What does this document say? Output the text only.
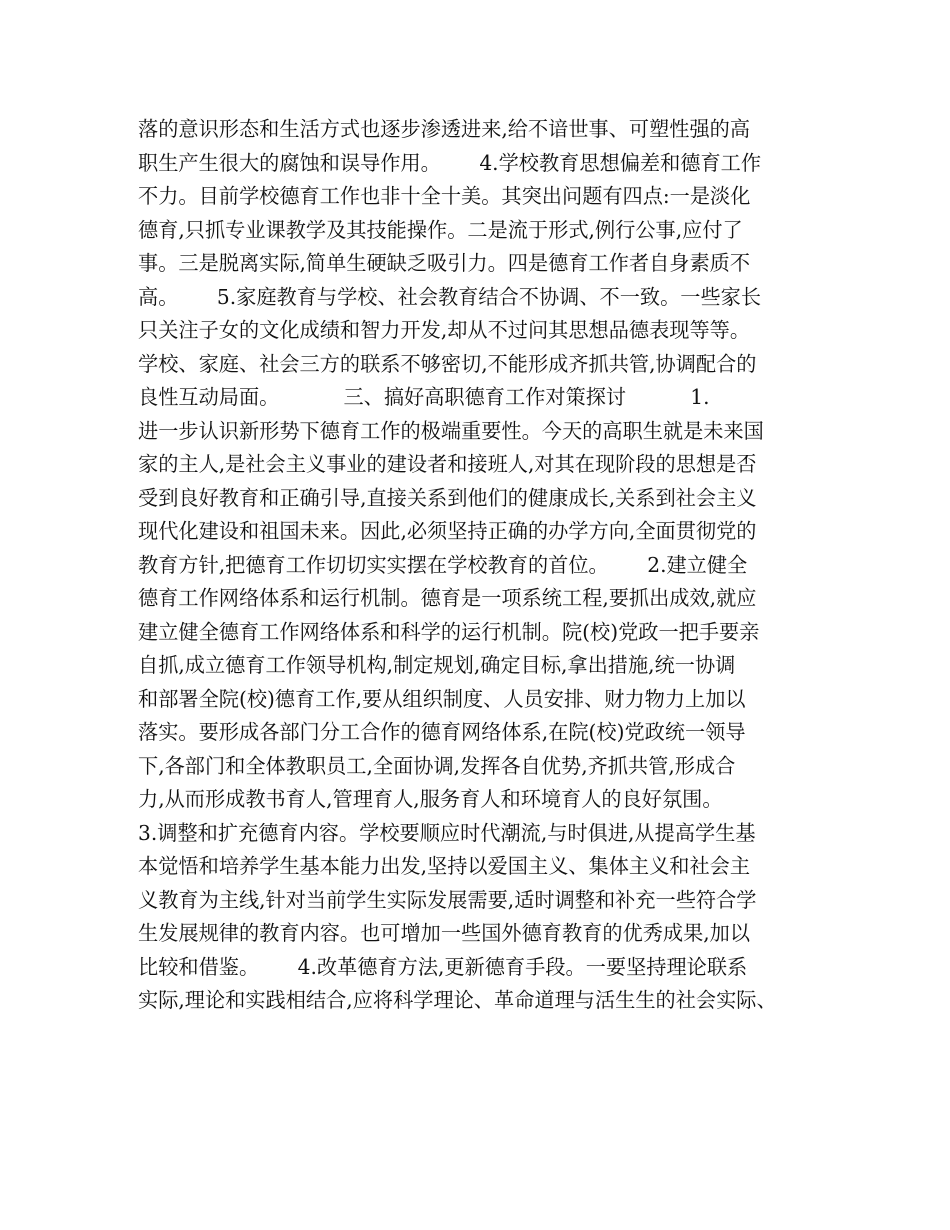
落的意识形态和生活方式也逐步渗透进来,给不谙世事、可塑性强的高
职生产生很大的腐蚀和误导作用。      4.学校教育思想偏差和德育工作
不力。目前学校德育工作也非十全十美。其突出问题有四点:一是淡化
德育,只抓专业课教学及其技能操作。二是流于形式,例行公事,应付了
事。三是脱离实际,简单生硬缺乏吸引力。四是德育工作者自身素质不
高。      5.家庭教育与学校、社会教育结合不协调、不一致。一些家长
只关注子女的文化成绩和智力开发,却从不过问其思想品德表现等等。
学校、家庭、社会三方的联系不够密切,不能形成齐抓共管,协调配合的
良性互动局面。          三、搞好高职德育工作对策探讨          1.
进一步认识新形势下德育工作的极端重要性。今天的高职生就是未来国
家的主人,是社会主义事业的建设者和接班人,对其在现阶段的思想是否
受到良好教育和正确引导,直接关系到他们的健康成长,关系到社会主义
现代化建设和祖国未来。因此,必须坚持正确的办学方向,全面贯彻党的
教育方针,把德育工作切切实实摆在学校教育的首位。      2.建立健全
德育工作网络体系和运行机制。德育是一项系统工程,要抓出成效,就应
建立健全德育工作网络体系和科学的运行机制。院(校)党政一把手要亲
自抓,成立德育工作领导机构,制定规划,确定目标,拿出措施,统一协调
和部署全院(校)德育工作,要从组织制度、人员安排、财力物力上加以
落实。要形成各部门分工合作的德育网络体系,在院(校)党政统一领导
下,各部门和全体教职员工,全面协调,发挥各自优势,齐抓共管,形成合
力,从而形成教书育人,管理育人,服务育人和环境育人的良好氛围。
3.调整和扩充德育内容。学校要顺应时代潮流,与时俱进,从提高学生基
本觉悟和培养学生基本能力出发,坚持以爱国主义、集体主义和社会主
义教育为主线,针对当前学生实际发展需要,适时调整和补充一些符合学
生发展规律的教育内容。也可增加一些国外德育教育的优秀成果,加以
比较和借鉴。      4.改革德育方法,更新德育手段。一要坚持理论联系
实际,理论和实践相结合,应将科学理论、革命道理与活生生的社会实际、
